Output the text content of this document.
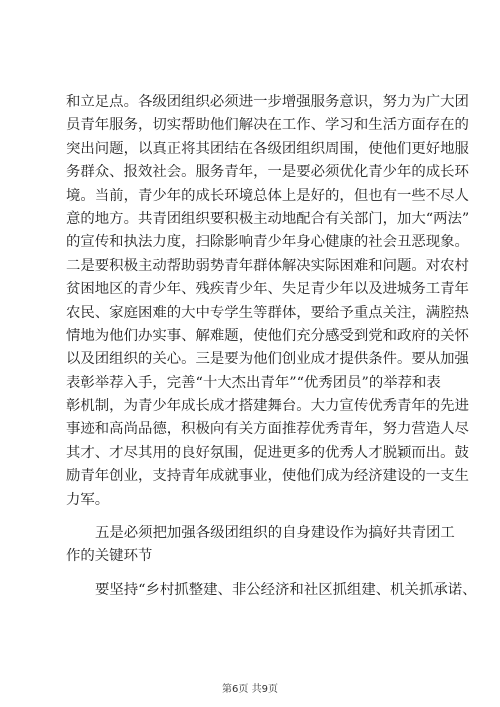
和立足点。各级团组织必须进一步增强服务意识，努力为广大团
员青年服务，切实帮助他们解决在工作、学习和生活方面存在的
突出问题，以真正将其团结在各级团组织周围，使他们更好地服
务群众、报效社会。服务青年，一是要必须优化青少年的成长环
境。当前，青少年的成长环境总体上是好的，但也有一些不尽人
意的地方。共青团组织要积极主动地配合有关部门，加大“两法”
的宣传和执法力度，扫除影响青少年身心健康的社会丑恶现象。
二是要积极主动帮助弱势青年群体解决实际困难和问题。对农村
贫困地区的青少年、残疾青少年、失足青少年以及进城务工青年
农民、家庭困难的大中专学生等群体，要给予重点关注，满腔热
情地为他们办实事、解难题，使他们充分感受到党和政府的关怀
以及团组织的关心。三是要为他们创业成才提供条件。要从加强
表彰举荐入手，完善“十大杰出青年”“优秀团员”的举荐和表
彰机制，为青少年成长成才搭建舞台。大力宣传优秀青年的先进
事迹和高尚品德，积极向有关方面推荐优秀青年，努力营造人尽
其才、才尽其用的良好氛围，促进更多的优秀人才脱颖而出。鼓
励青年创业，支持青年成就事业，使他们成为经济建设的一支生
力军。
五是必须把加强各级团组织的自身建设作为搞好共青团工
作的关键环节
要坚持“乡村抓整建、非公经济和社区抓组建、机关抓承诺、
第6页 共9页
